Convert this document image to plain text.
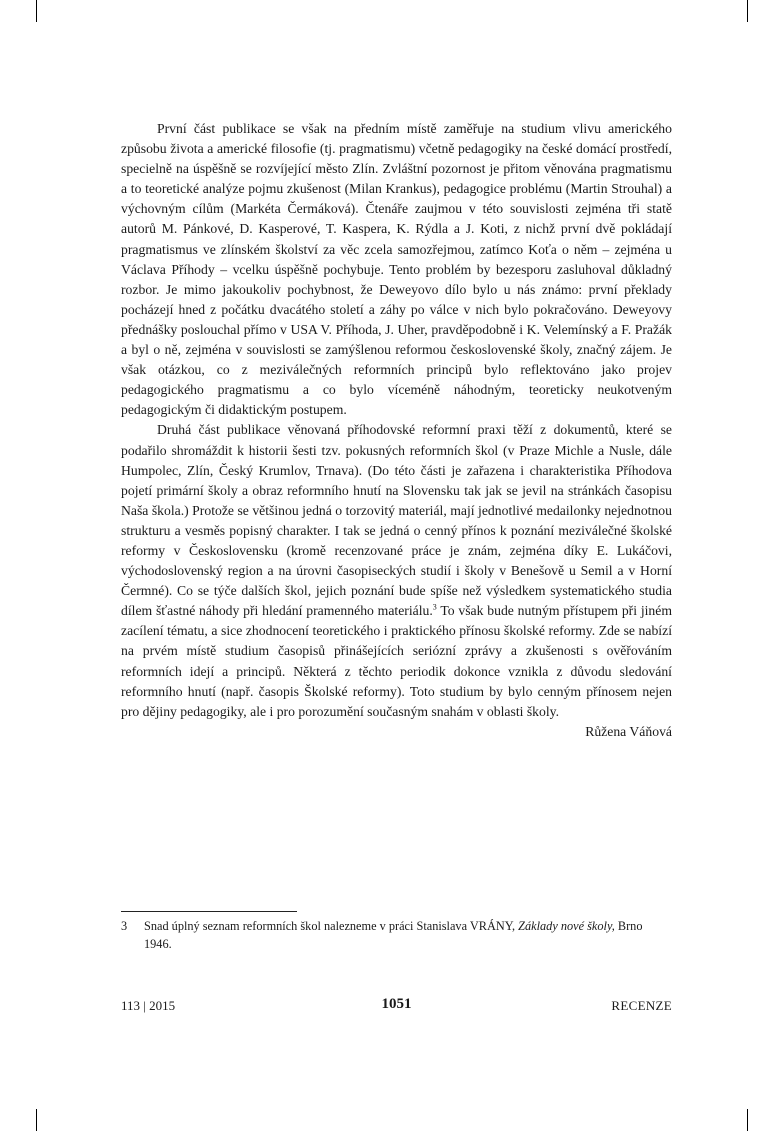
První část publikace se však na předním místě zaměřuje na studium vlivu amerického způsobu života a americké filosofie (tj. pragmatismu) včetně pedagogiky na české domácí prostředí, specielně na úspěšně se rozvíjející město Zlín. Zvláštní pozornost je přitom věnována pragmatismu a to teoretické analýze pojmu zkušenost (Milan Krankus), pedagogice problému (Martin Strouhal) a výchovným cílům (Markéta Čermáková). Čtenáře zaujmou v této souvislosti zejména tři statě autorů M. Pánkové, D. Kasperové, T. Kaspera, K. Rýdla a J. Koti, z nichž první dvě pokládají pragmatismus ve zlínském školství za věc zcela samozřejmou, zatímco Koťa o něm – zejména u Václava Příhody – vcelku úspěšně pochybuje. Tento problém by bezesporu zasluhoval důkladný rozbor. Je mimo jakoukoliv pochybnost, že Deweyovo dílo bylo u nás známo: první překlady pocházejí hned z počátku dvacátého století a záhy po válce v nich bylo pokračováno. Deweyovy přednášky poslouchal přímo v USA V. Příhoda, J. Uher, pravděpodobně i K. Velemínský a F. Pražák a byl o ně, zejména v souvislosti se zamýšlenou reformou československé školy, značný zájem. Je však otázkou, co z meziválečných reformních principů bylo reflektováno jako projev pedagogického pragmatismu a co bylo víceméně náhodným, teoreticky neukotveným pedagogickým či didaktickým postupem.

Druhá část publikace věnovaná příhodovské reformní praxi těží z dokumentů, které se podařilo shromáždit k historii šesti tzv. pokusných reformních škol (v Praze Michle a Nusle, dále Humpolec, Zlín, Český Krumlov, Trnava). (Do této části je zařazena i charakteristika Příhodova pojetí primární školy a obraz reformního hnutí na Slovensku tak jak se jevil na stránkách časopisu Naša škola.) Protože se většinou jedná o torzovitý materiál, mají jednotlivé medailonky nejednotnou strukturu a vesměs popisný charakter. I tak se jedná o cenný přínos k poznání meziválečné školské reformy v Československu (kromě recenzované práce je znám, zejména díky E. Lukáčovi, východoslovenský region a na úrovni časopiseckých studií i školy v Benešově u Semil a v Horní Čermné). Co se týče dalších škol, jejich poznání bude spíše než výsledkem systematického studia dílem šťastné náhody při hledání pramenného materiálu.$^3$ To však bude nutným přístupem při jiném zacílení tématu, a sice zhodnocení teoretického i praktického přínosu školské reformy. Zde se nabízí na prvém místě studium časopisů přinášejících seriózní zprávy a zkušenosti s ověřováním reformních idejí a principů. Některá z těchto periodik dokonce vznikla z důvodu sledování reformního hnutí (např. časopis Školské reformy). Toto studium by bylo cenným přínosem nejen pro dějiny pedagogiky, ale i pro porozumění současným snahám v oblasti školy.

Růžena Váňová

3 Snad úplný seznam reformních škol nalezneme v práci Stanislava VRÁNY, Základy nové školy, Brno 1946.
113 | 2015	1051	RECENZE
